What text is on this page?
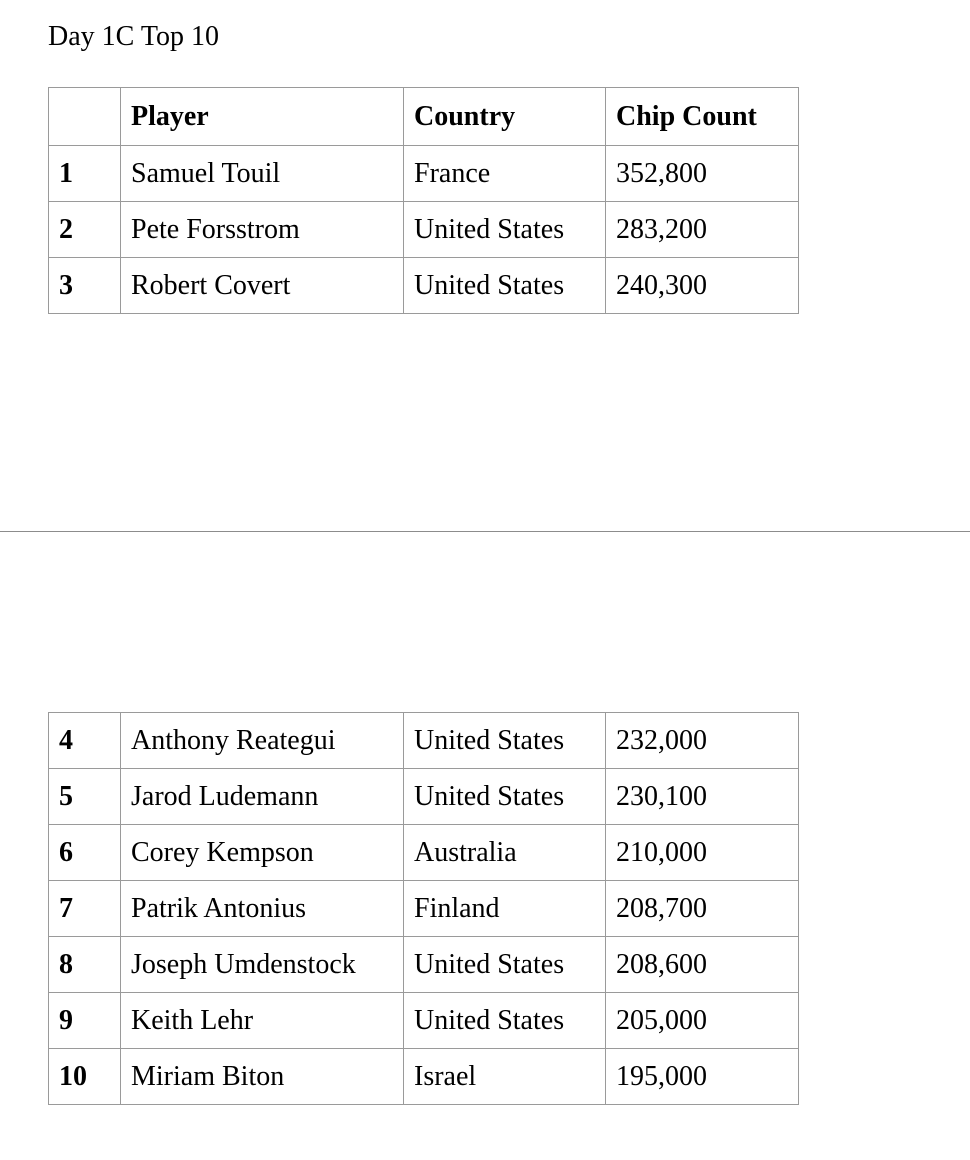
Day 1C Top 10
	Player	Country	Chip Count
1	Samuel Touil	France	352,800
2	Pete Forsstrom	United States	283,200
3	Robert Covert	United States	240,300
4	Anthony Reategui	United States	232,000
5	Jarod Ludemann	United States	230,100
6	Corey Kempson	Australia	210,000
7	Patrik Antonius	Finland	208,700
8	Joseph Umdenstock	United States	208,600
9	Keith Lehr	United States	205,000
10	Miriam Biton	Israel	195,000
